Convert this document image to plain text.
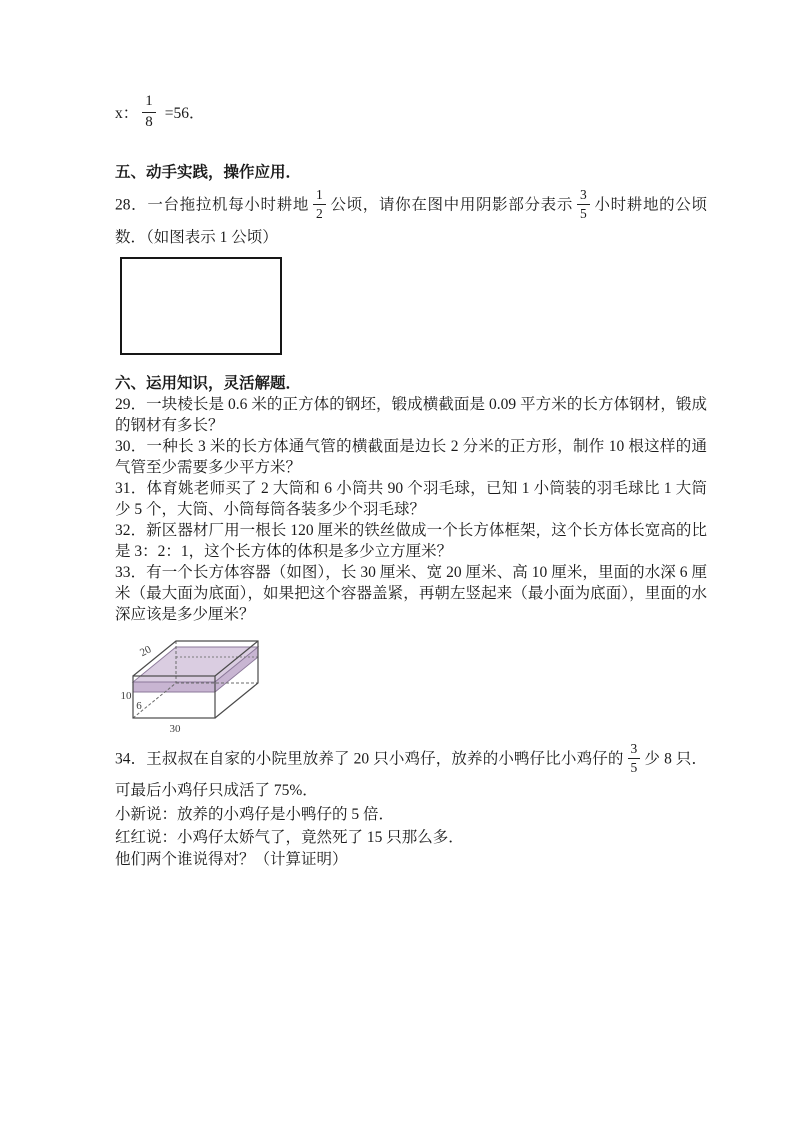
x： $\frac{1}{8} =56$．
五、动手实践，操作应用．

28．一台拖拉机每小时耕地 $\frac{1}{2}$ 公顷，请你在图中用阴影部分表示 $\frac{3}{5}$ 小时耕地的公顷数．（如图表示 1 公顷）

六、运用知识，灵活解题．

29．一块棱长是 0.6 米的正方体的钢坯，锻成横截面是 0.09 平方米的长方体钢材，锻成的钢材有多长？

30．一种长 3 米的长方体通气管的横截面是边长 2 分米的正方形，制作 10 根这样的通气管至少需要多少平方米？

31．体育姚老师买了 2 大筒和 6 小筒共 90 个羽毛球，已知 1 小筒装的羽毛球比 1 大筒少 5 个，大筒、小筒每筒各装多少个羽毛球？

32．新区器材厂用一根长 120 厘米的铁丝做成一个长方体框架，这个长方体长宽高的比是 3：2：1，这个长方体的体积是多少立方厘米？

33．有一个长方体容器（如图），长 30 厘米、宽 20 厘米、高 10 厘米，里面的水深 6 厘米（最大面为底面），如果把这个容器盖紧，再朝左竖起来（最小面为底面），里面的水深应该是多少厘米？

20
10
6
30

34．王叔叔在自家的小院里放养了 20 只小鸡仔，放养的小鸭仔比小鸡仔的 $\frac{3}{5}$ 少 8 只．可最后小鸡仔只成活了 75%．

小新说：放养的小鸡仔是小鸭仔的 5 倍．

红红说：小鸡仔太娇气了，竟然死了 15 只那么多．

他们两个谁说得对？（计算证明）
